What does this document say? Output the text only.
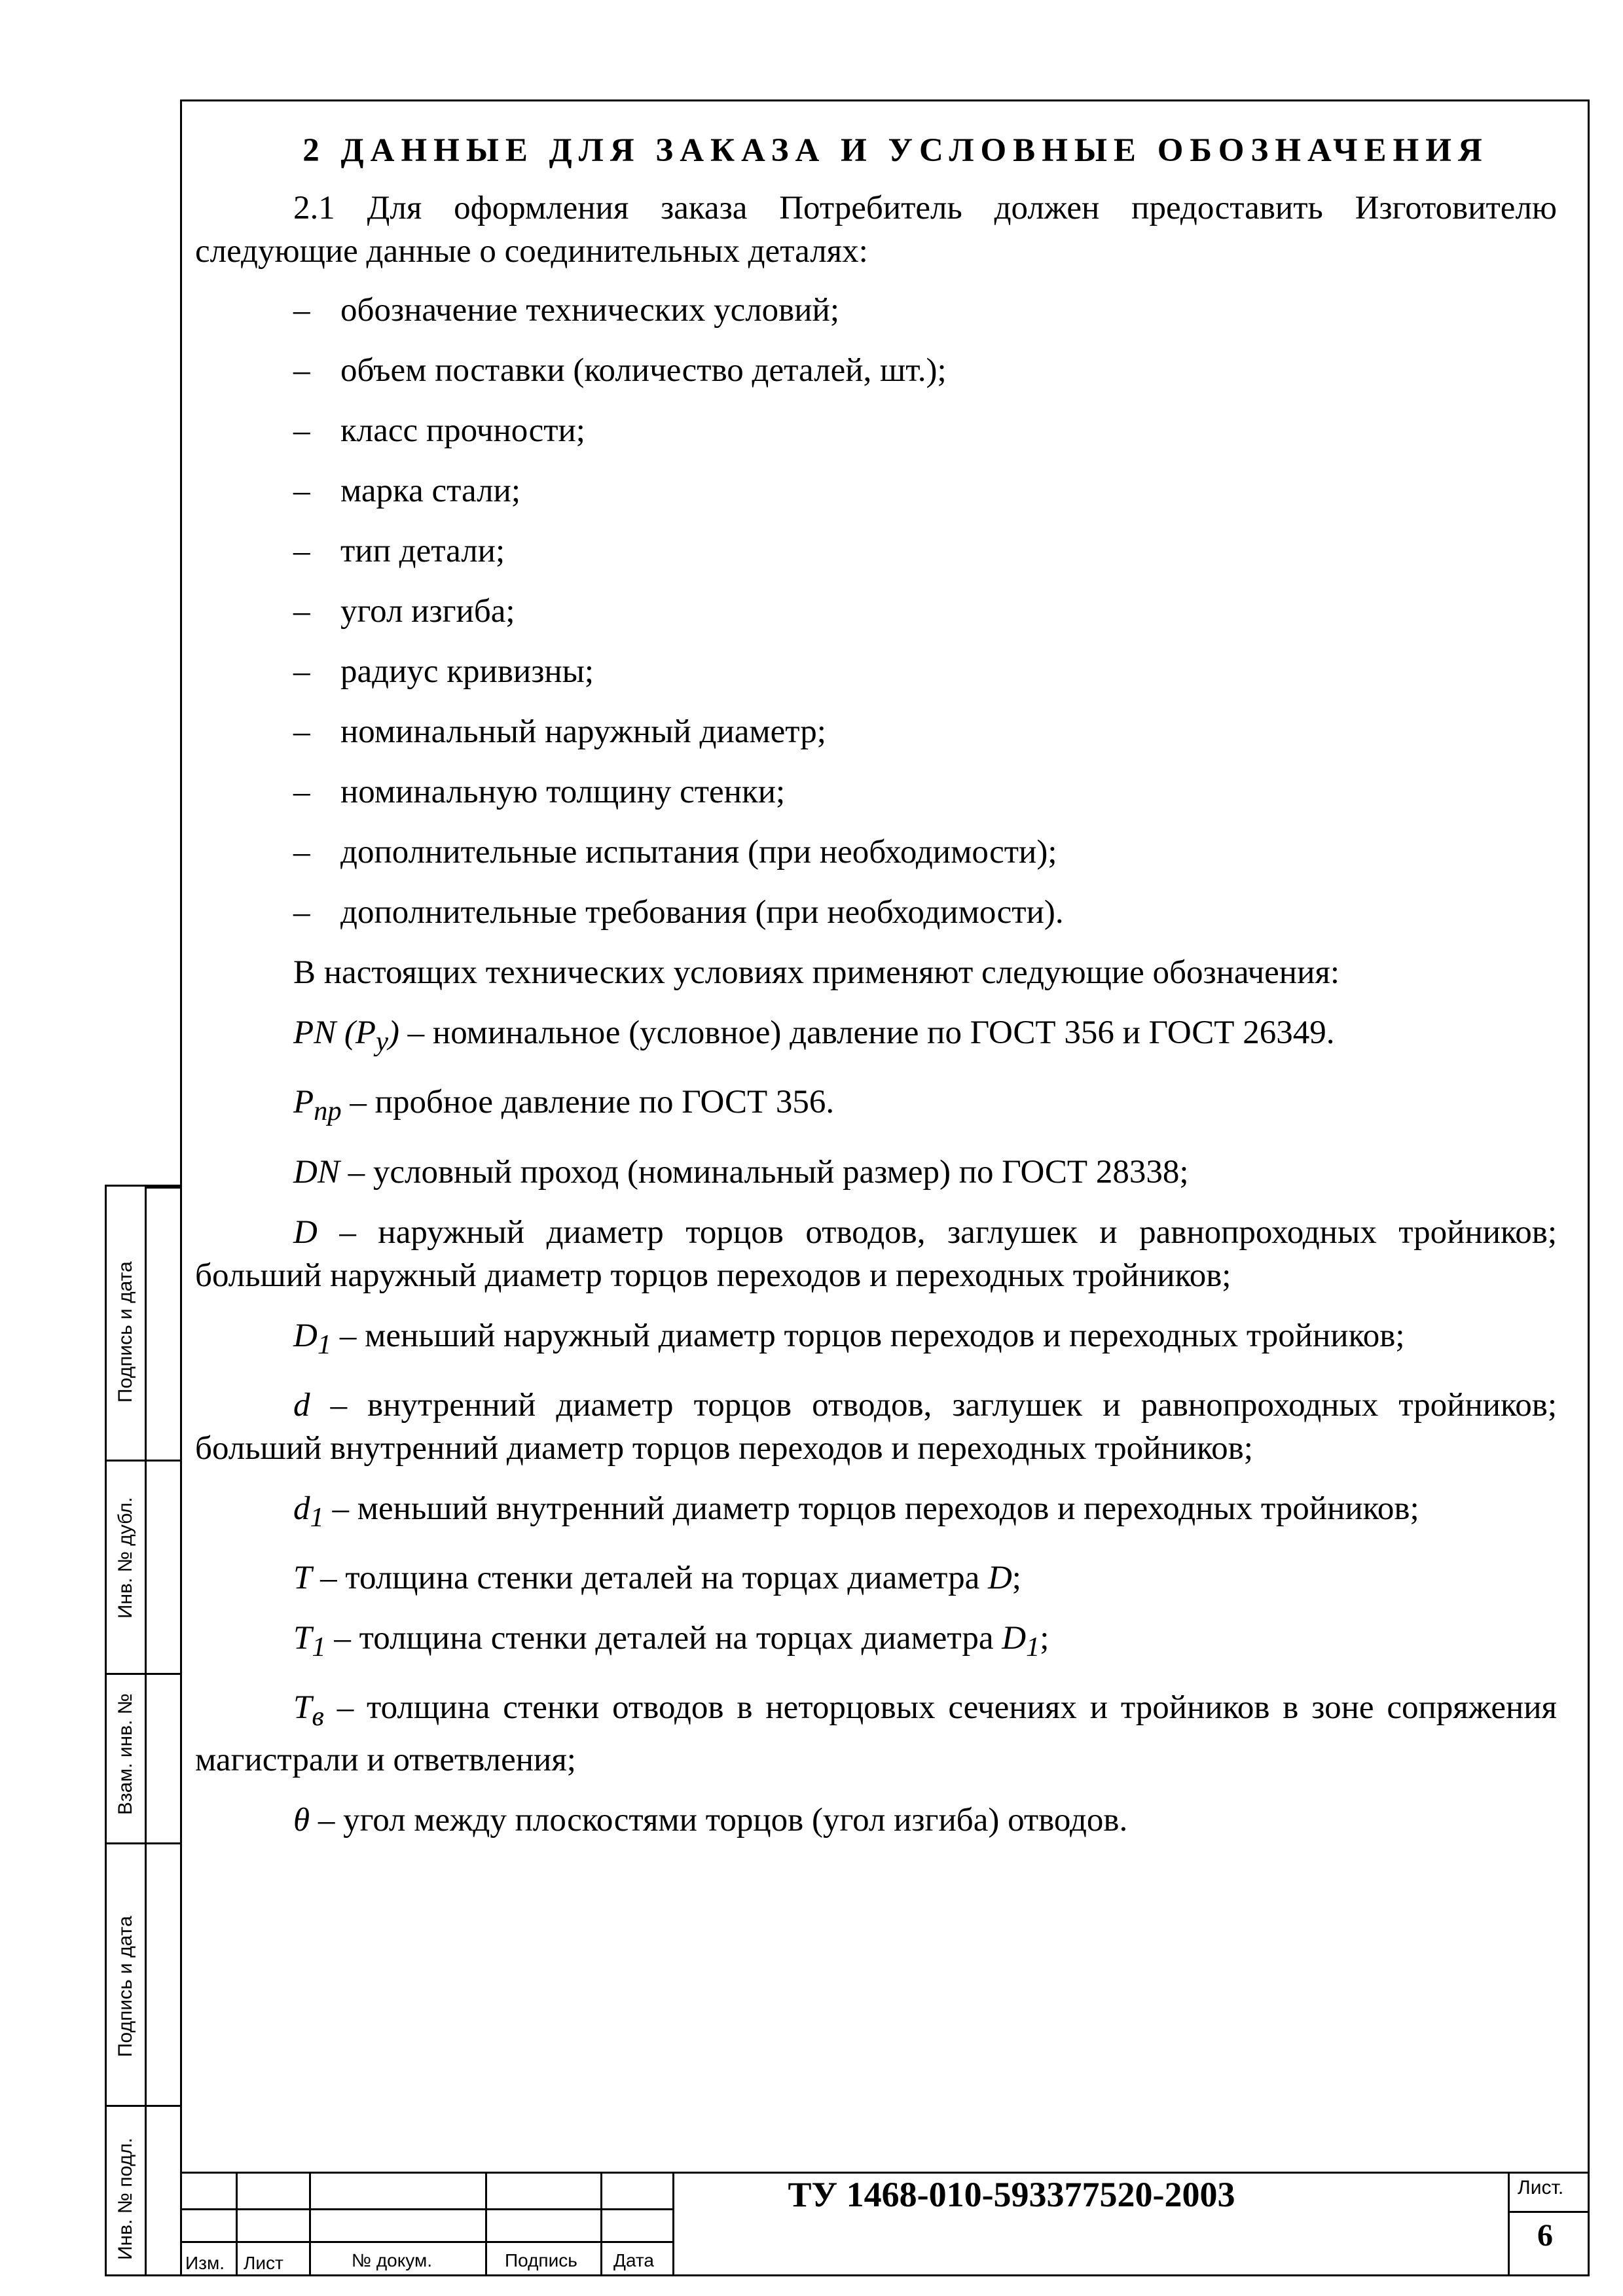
2 ДАННЫЕ ДЛЯ ЗАКАЗА И УСЛОВНЫЕ ОБОЗНАЧЕНИЯ

2.1 Для оформления заказа Потребитель должен предоставить Изготовителю следующие данные о соединительных деталях:

– обозначение технических условий;
– объем поставки (количество деталей, шт.);
– класс прочности;
– марка стали;
– тип детали;
– угол изгиба;
– радиус кривизны;
– номинальный наружный диаметр;
– номинальную толщину стенки;
– дополнительные испытания (при необходимости);
– дополнительные требования (при необходимости).

В настоящих технических условиях применяют следующие обозначения:

PN $(P_у)$ – номинальное (условное) давление по ГОСТ 356 и ГОСТ 26349.

$P_{пр}$ – пробное давление по ГОСТ 356.

DN – условный проход (номинальный размер) по ГОСТ 28338;

D – наружный диаметр торцов отводов, заглушек и равнопроходных тройников; больший наружный диаметр торцов переходов и переходных тройников;

$D_1$ – меньший наружный диаметр торцов переходов и переходных тройников;

d – внутренний диаметр торцов отводов, заглушек и равнопроходных тройников; больший внутренний диаметр торцов переходов и переходных тройников;

$d_1$ – меньший внутренний диаметр торцов переходов и переходных тройников;

T – толщина стенки деталей на торцах диаметра D;

$T_1$ – толщина стенки деталей на торцах диаметра $D_1$;

$T_в$ – толщина стенки отводов в неторцовых сечениях и тройников в зоне сопряжения магистрали и ответвления;

θ – угол между плоскостями торцов (угол изгиба) отводов.

Подпись и дата
Инв. № дубл.
Взам. инв. №
Подпись и дата
Инв. № подл.
Изм. Лист	№ докум.	Подпись Дата
ТУ 1468-010-593377520-2003	Лист.
6
